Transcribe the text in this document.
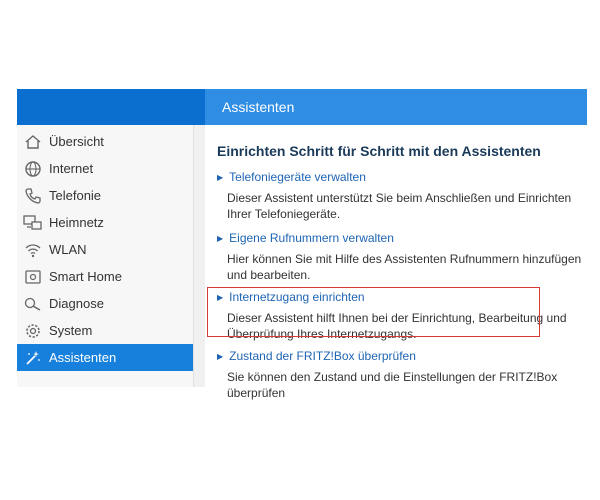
Assistenten
Übersicht
Internet
Telefonie
Heimnetz
WLAN
Smart Home
Diagnose
System
Assistenten
Einrichten Schritt für Schritt mit den Assistenten
▶ Telefoniegeräte verwalten
Dieser Assistent unterstützt Sie beim Anschließen und Einrichten Ihrer Telefoniegeräte.
▶ Eigene Rufnummern verwalten
Hier können Sie mit Hilfe des Assistenten Rufnummern hinzufügen und bearbeiten.
▶ Internetzugang einrichten
Dieser Assistent hilft Ihnen bei der Einrichtung, Bearbeitung und Überprüfung Ihres Internetzugangs.
▶ Zustand der FRITZ!Box überprüfen
Sie können den Zustand und die Einstellungen der FRITZ!Box überprüfen
